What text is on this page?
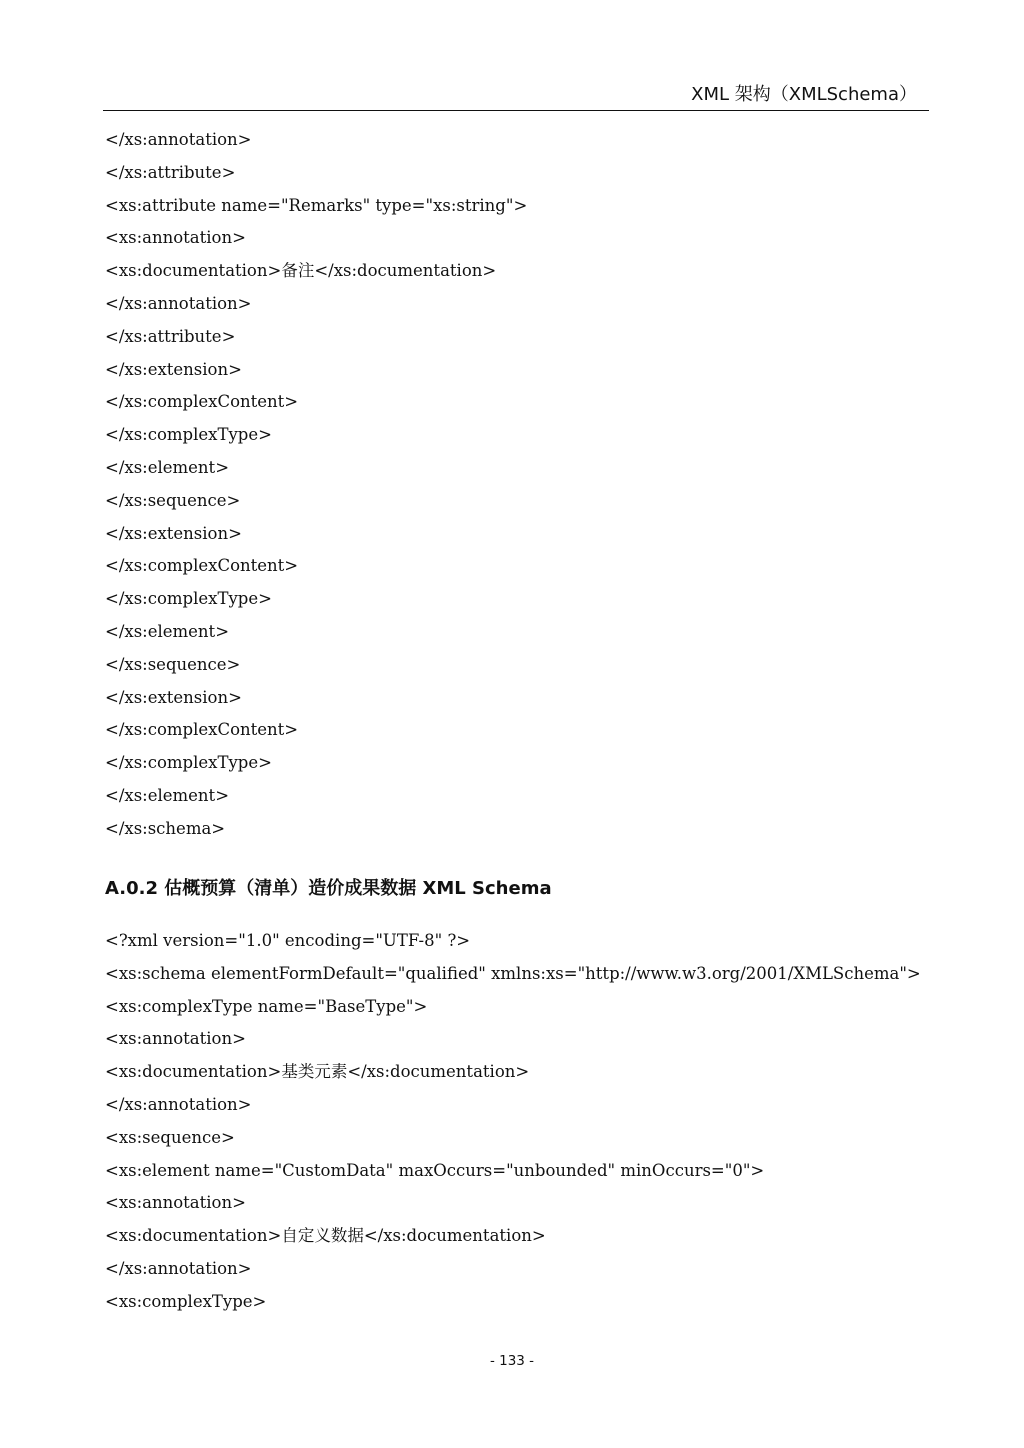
XML 架构（XMLSchema）
</xs:annotation>
</xs:attribute>
<xs:attribute name="Remarks" type="xs:string">
<xs:annotation>
<xs:documentation>备注</xs:documentation>
</xs:annotation>
</xs:attribute>
</xs:extension>
</xs:complexContent>
</xs:complexType>
</xs:element>
</xs:sequence>
</xs:extension>
</xs:complexContent>
</xs:complexType>
</xs:element>
</xs:sequence>
</xs:extension>
</xs:complexContent>
</xs:complexType>
</xs:element>
</xs:schema>
A.0.2 估概预算（清单）造价成果数据 XML Schema
<?xml version="1.0" encoding="UTF-8" ?>
<xs:schema elementFormDefault="qualified" xmlns:xs="http://www.w3.org/2001/XMLSchema">
<xs:complexType name="BaseType">
<xs:annotation>
<xs:documentation>基类元素</xs:documentation>
</xs:annotation>
<xs:sequence>
<xs:element name="CustomData" maxOccurs="unbounded" minOccurs="0">
<xs:annotation>
<xs:documentation>自定义数据</xs:documentation>
</xs:annotation>
<xs:complexType>
- 133 -
